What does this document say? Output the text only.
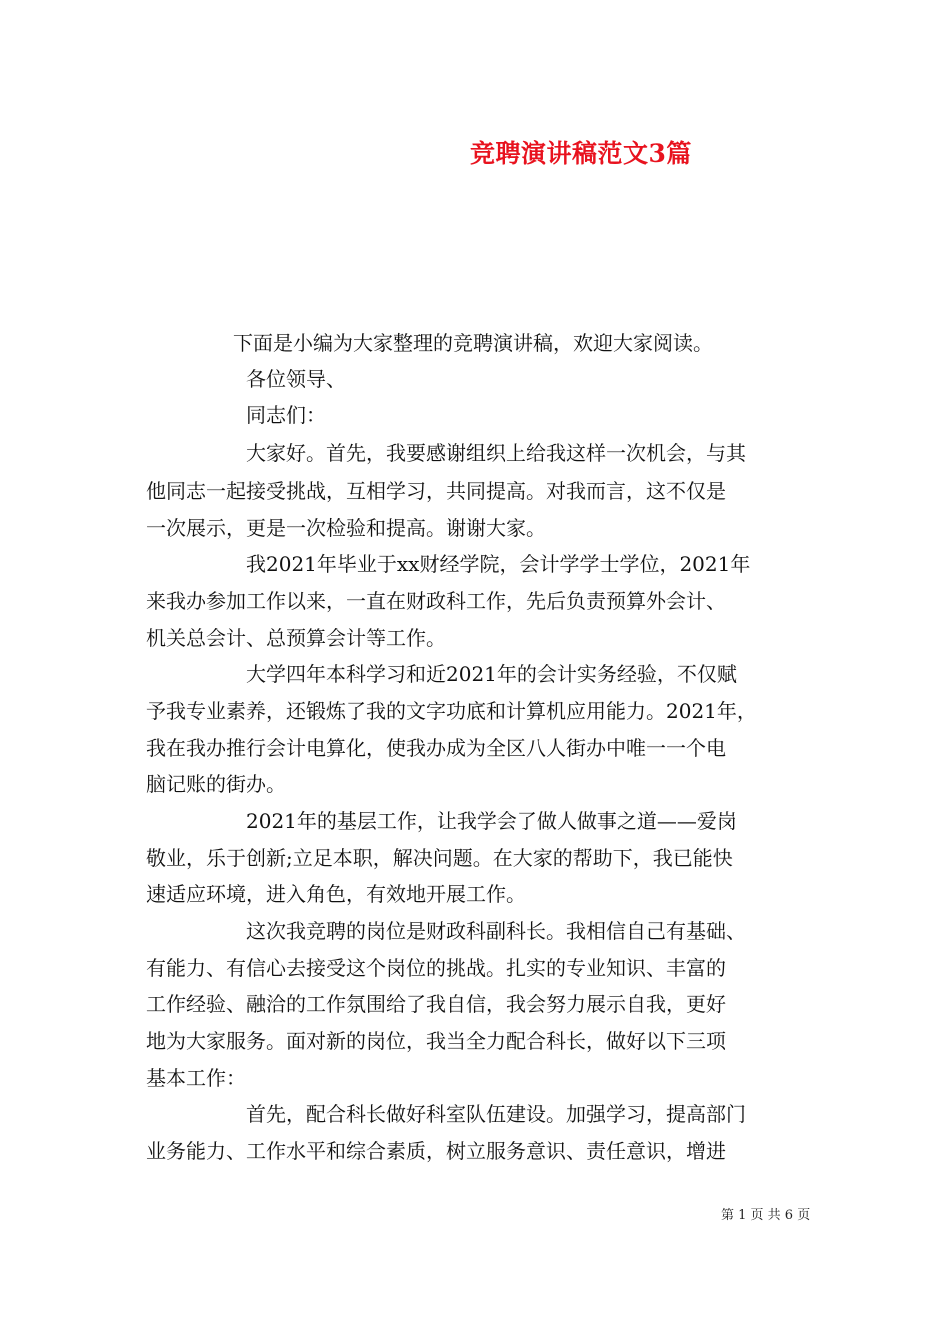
竞聘演讲稿范文3篇
下面是小编为大家整理的竞聘演讲稿，欢迎大家阅读。
各位领导、
同志们：
大家好。首先，我要感谢组织上给我这样一次机会，与其
他同志一起接受挑战，互相学习，共同提高。对我而言，这不仅是
一次展示，更是一次检验和提高。谢谢大家。
我2021年毕业于xx财经学院，会计学学士学位，2021年
来我办参加工作以来，一直在财政科工作，先后负责预算外会计、
机关总会计、总预算会计等工作。
大学四年本科学习和近2021年的会计实务经验，不仅赋
予我专业素养，还锻炼了我的文字功底和计算机应用能力。2021年，
我在我办推行会计电算化，使我办成为全区八人街办中唯一一个电
脑记账的街办。
2021年的基层工作，让我学会了做人做事之道——爱岗
敬业，乐于创新;立足本职，解决问题。在大家的帮助下，我已能快
速适应环境，进入角色，有效地开展工作。
这次我竞聘的岗位是财政科副科长。我相信自己有基础、
有能力、有信心去接受这个岗位的挑战。扎实的专业知识、丰富的
工作经验、融洽的工作氛围给了我自信，我会努力展示自我，更好
地为大家服务。面对新的岗位，我当全力配合科长，做好以下三项
基本工作：
首先，配合科长做好科室队伍建设。加强学习，提高部门
业务能力、工作水平和综合素质，树立服务意识、责任意识，增进
第 1 页 共 6 页
